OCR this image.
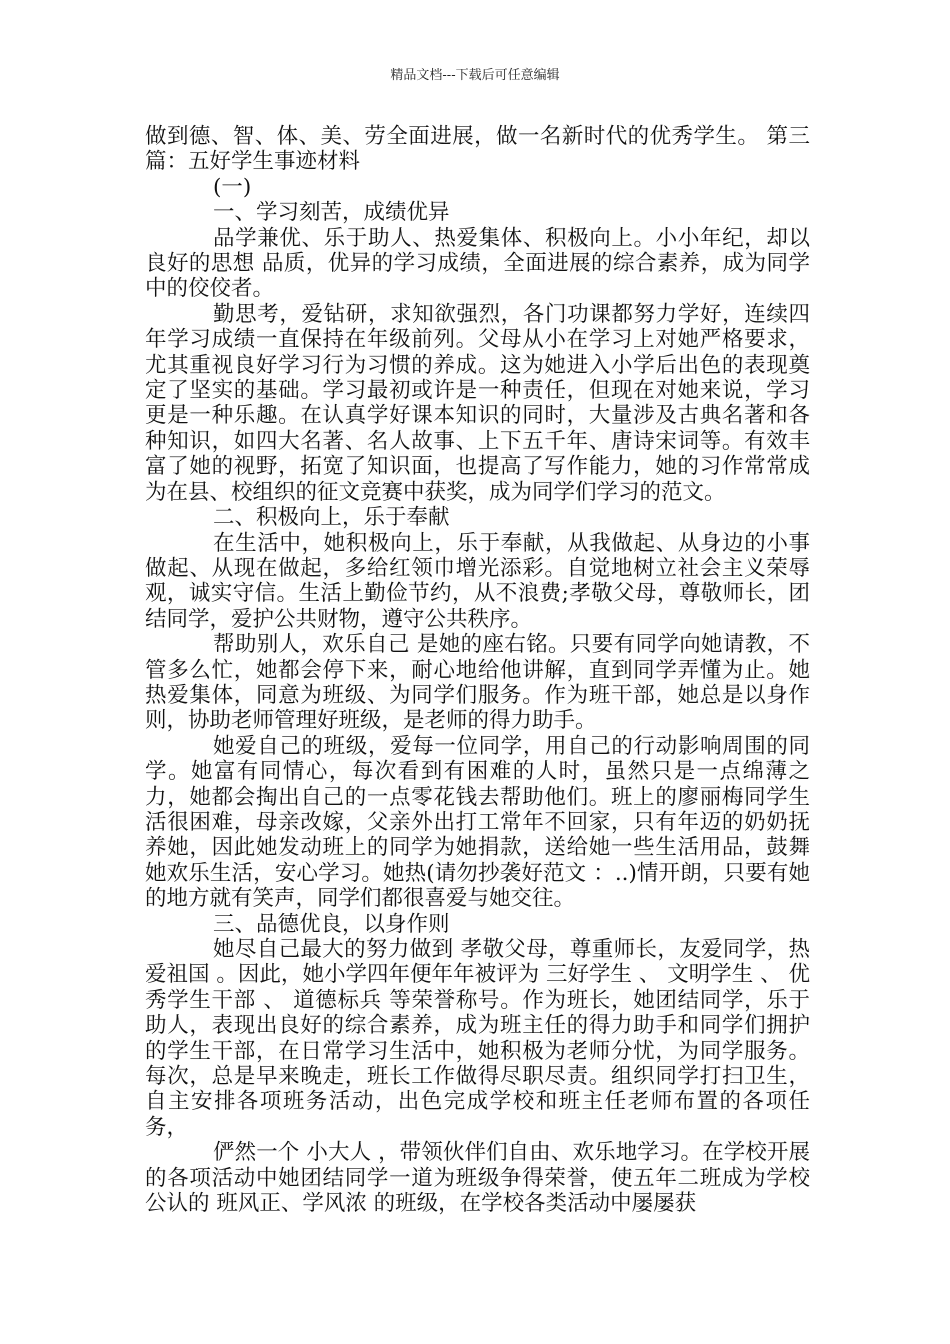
精品文档---下载后可任意编辑

做到德、智、体、美、劳全面进展，做一名新时代的优秀学生。 第三篇：五好学生事迹材料

(一)

一、学习刻苦，成绩优异

品学兼优、乐于助人、热爱集体、积极向上。小小年纪，却以良好的思想 品质，优异的学习成绩，全面进展的综合素养，成为同学中的佼佼者。

勤思考，爱钻研，求知欲强烈，各门功课都努力学好，连续四年学习成绩一直保持在年级前列。父母从小在学习上对她严格要求，尤其重视良好学习行为习惯的养成。这为她进入小学后出色的表现奠定了坚实的基础。学习最初或许是一种责任，但现在对她来说，学习更是一种乐趣。在认真学好课本知识的同时，大量涉及古典名著和各种知识，如四大名著、名人故事、上下五千年、唐诗宋词等。有效丰富了她的视野，拓宽了知识面，也提高了写作能力，她的习作常常成为在县、校组织的征文竞赛中获奖，成为同学们学习的范文。

二、积极向上，乐于奉献

在生活中，她积极向上，乐于奉献，从我做起、从身边的小事做起、从现在做起，多给红领巾增光添彩。自觉地树立社会主义荣辱观，诚实守信。生活上勤俭节约，从不浪费;孝敬父母，尊敬师长，团结同学，爱护公共财物，遵守公共秩序。

帮助别人，欢乐自己 是她的座右铭。只要有同学向她请教，不管多么忙，她都会停下来，耐心地给他讲解，直到同学弄懂为止。她热爱集体，同意为班级、为同学们服务。作为班干部，她总是以身作则，协助老师管理好班级，是老师的得力助手。

她爱自己的班级，爱每一位同学，用自己的行动影响周围的同学。她富有同情心，每次看到有困难的人时，虽然只是一点绵薄之力，她都会掏出自己的一点零花钱去帮助他们。班上的廖丽梅同学生活很困难，母亲改嫁，父亲外出打工常年不回家，只有年迈的奶奶抚养她，因此她发动班上的同学为她捐款，送给她一些生活用品，鼓舞她欢乐生活，安心学习。她热(请勿抄袭好范文 ：..)情开朗，只要有她的地方就有笑声，同学们都很喜爱与她交往。

三、品德优良，以身作则

她尽自己最大的努力做到 孝敬父母，尊重师长，友爱同学，热爱祖国 。因此，她小学四年便年年被评为 三好学生 、 文明学生 、 优秀学生干部 、 道德标兵 等荣誉称号。作为班长，她团结同学，乐于助人，表现出良好的综合素养，成为班主任的得力助手和同学们拥护的学生干部，在日常学习生活中，她积极为老师分忧，为同学服务。每次，总是早来晚走，班长工作做得尽职尽责。组织同学打扫卫生，自主安排各项班务活动，出色完成学校和班主任老师布置的各项任务，

俨然一个 小大人 ，带领伙伴们自由、欢乐地学习。在学校开展的各项活动中她团结同学一道为班级争得荣誉，使五年二班成为学校公认的 班风正、学风浓 的班级，在学校各类活动中屡屡获
